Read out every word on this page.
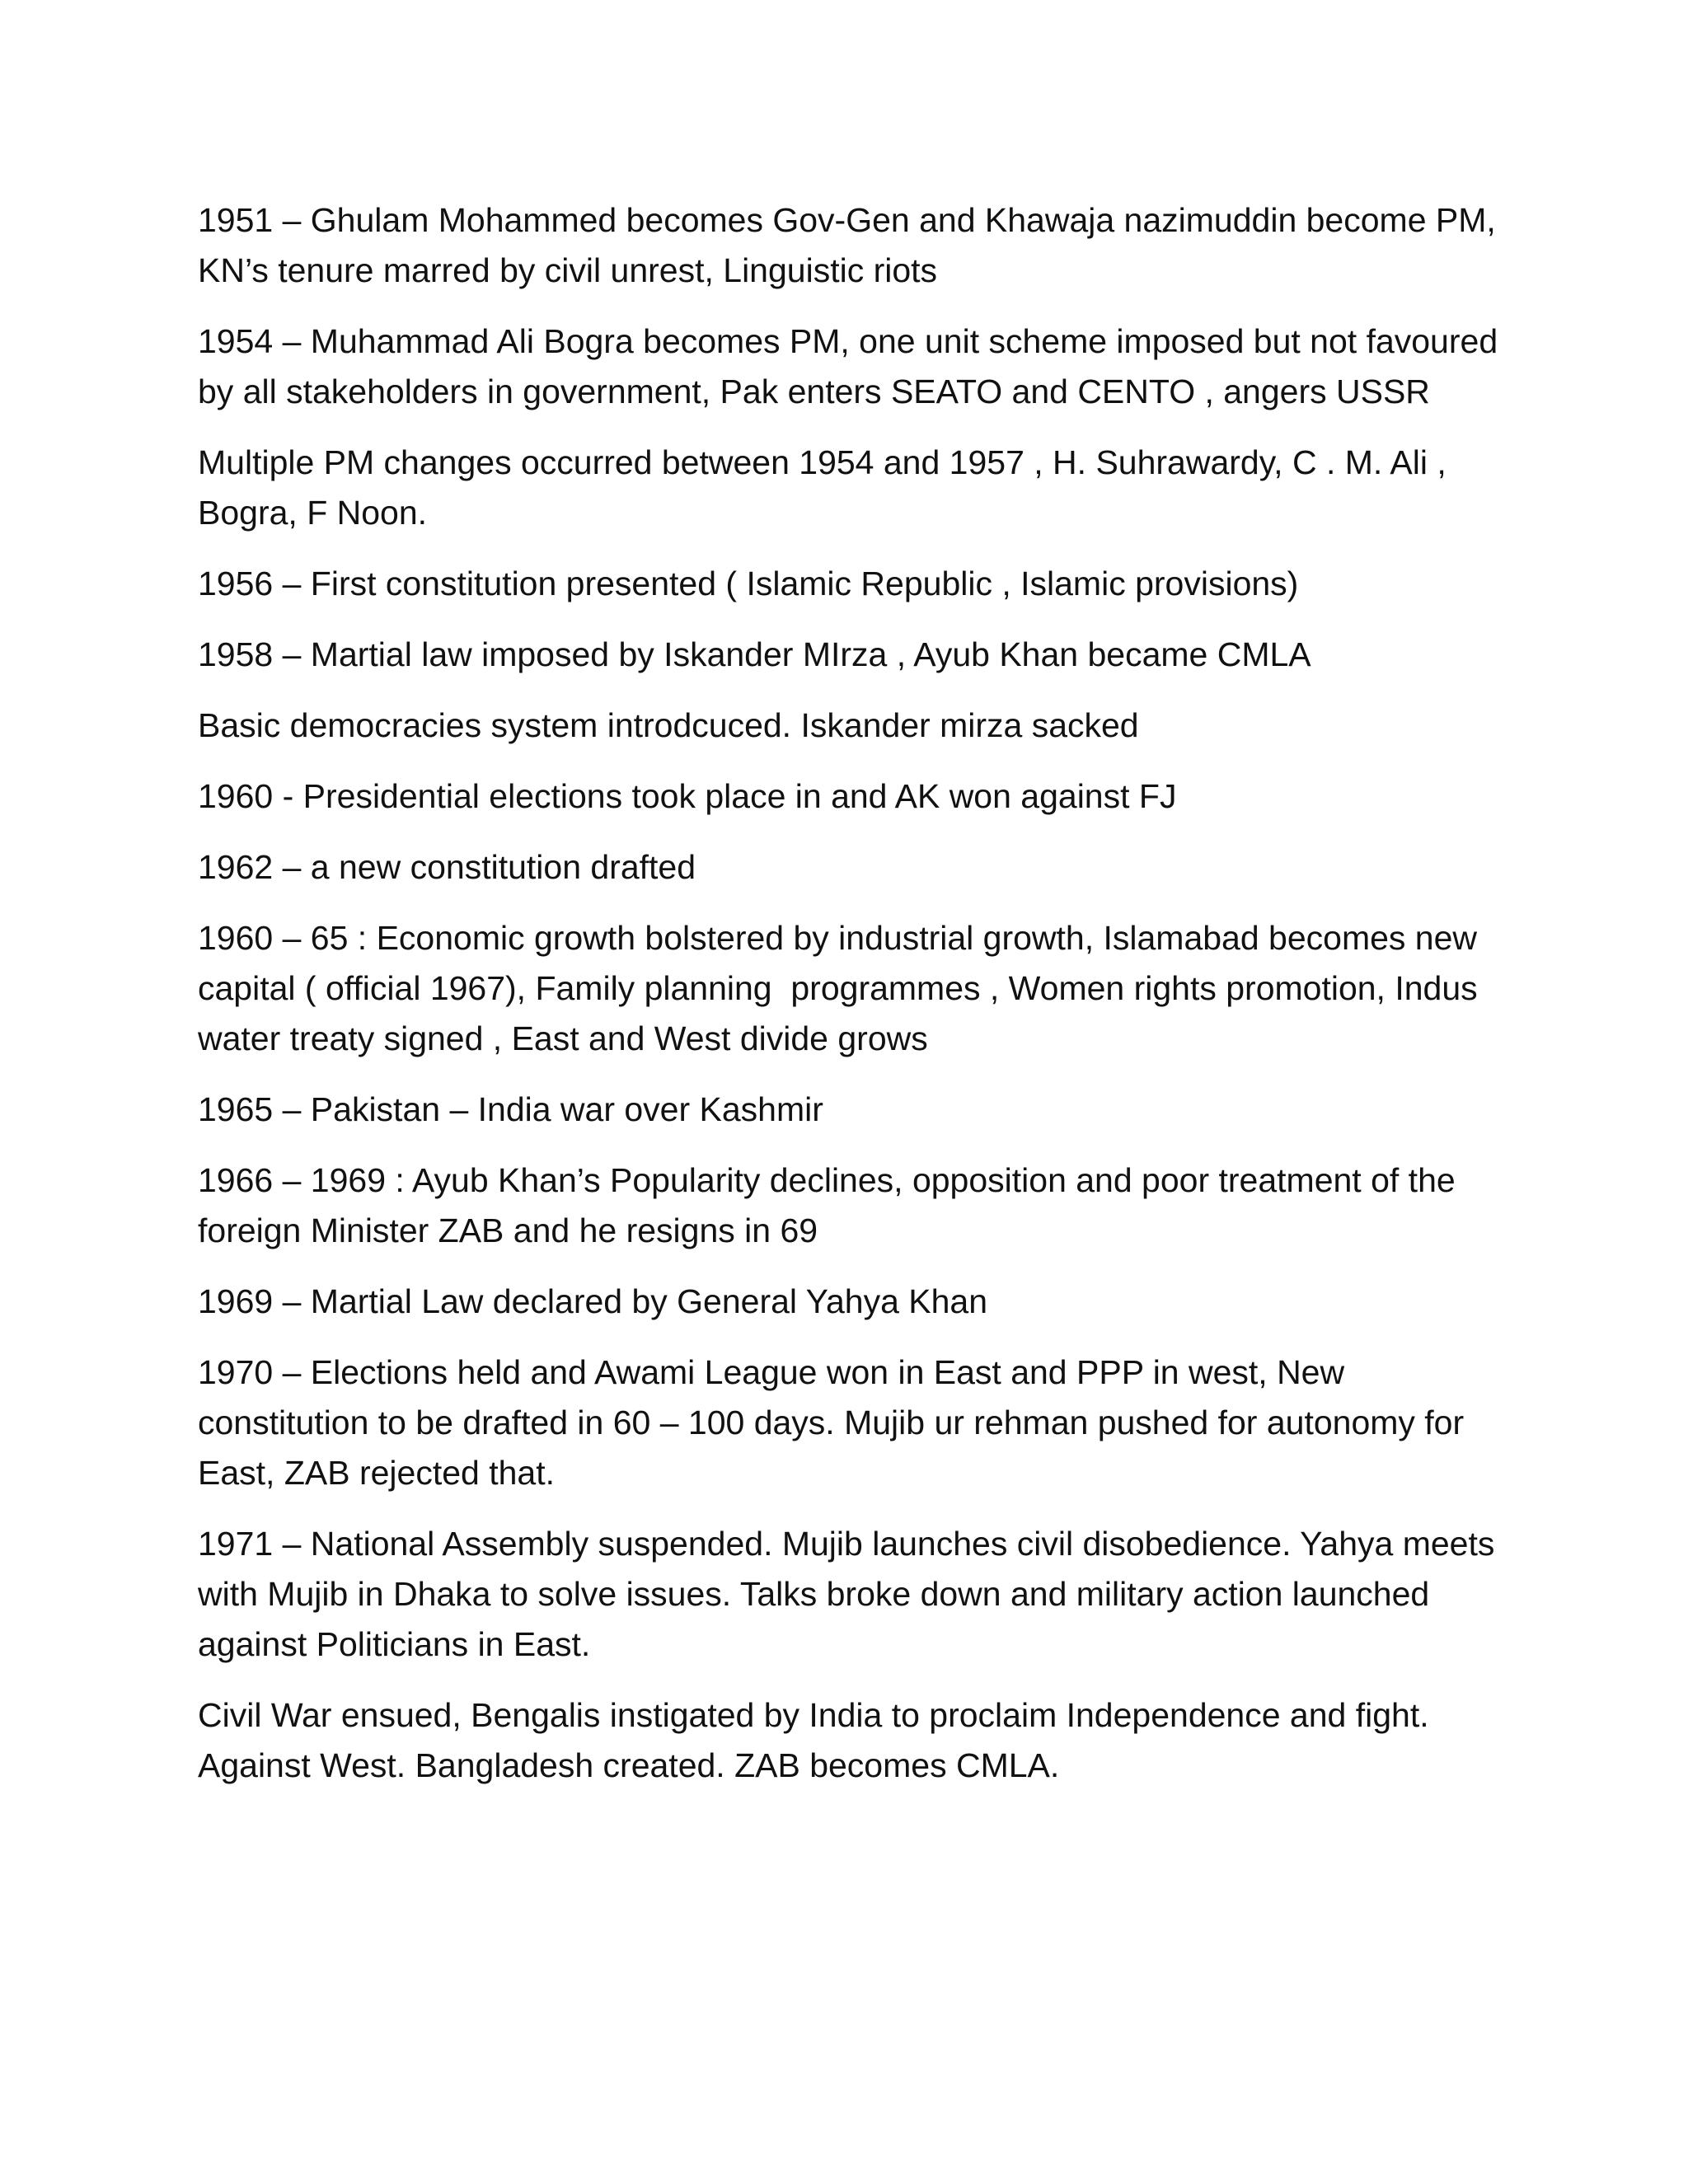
1951 – Ghulam Mohammed becomes Gov-Gen and Khawaja nazimuddin become PM, KN’s tenure marred by civil unrest, Linguistic riots

1954 – Muhammad Ali Bogra becomes PM, one unit scheme imposed but not favoured by all stakeholders in government, Pak enters SEATO and CENTO , angers USSR

Multiple PM changes occurred between 1954 and 1957 , H. Suhrawardy, C . M. Ali , Bogra, F Noon.

1956 – First constitution presented ( Islamic Republic , Islamic provisions)

1958 – Martial law imposed by Iskander MIrza , Ayub Khan became CMLA

Basic democracies system introdcuced. Iskander mirza sacked

1960 - Presidential elections took place in and AK won against FJ

1962 – a new constitution drafted

1960 – 65 : Economic growth bolstered by industrial growth, Islamabad becomes new capital ( official 1967), Family planning  programmes , Women rights promotion, Indus water treaty signed , East and West divide grows

1965 – Pakistan – India war over Kashmir

1966 – 1969 : Ayub Khan’s Popularity declines, opposition and poor treatment of the foreign Minister ZAB and he resigns in 69

1969 – Martial Law declared by General Yahya Khan

1970 – Elections held and Awami League won in East and PPP in west, New constitution to be drafted in 60 – 100 days. Mujib ur rehman pushed for autonomy for East, ZAB rejected that.

1971 – National Assembly suspended. Mujib launches civil disobedience. Yahya meets with Mujib in Dhaka to solve issues. Talks broke down and military action launched against Politicians in East.

Civil War ensued, Bengalis instigated by India to proclaim Independence and fight. Against West. Bangladesh created. ZAB becomes CMLA.
